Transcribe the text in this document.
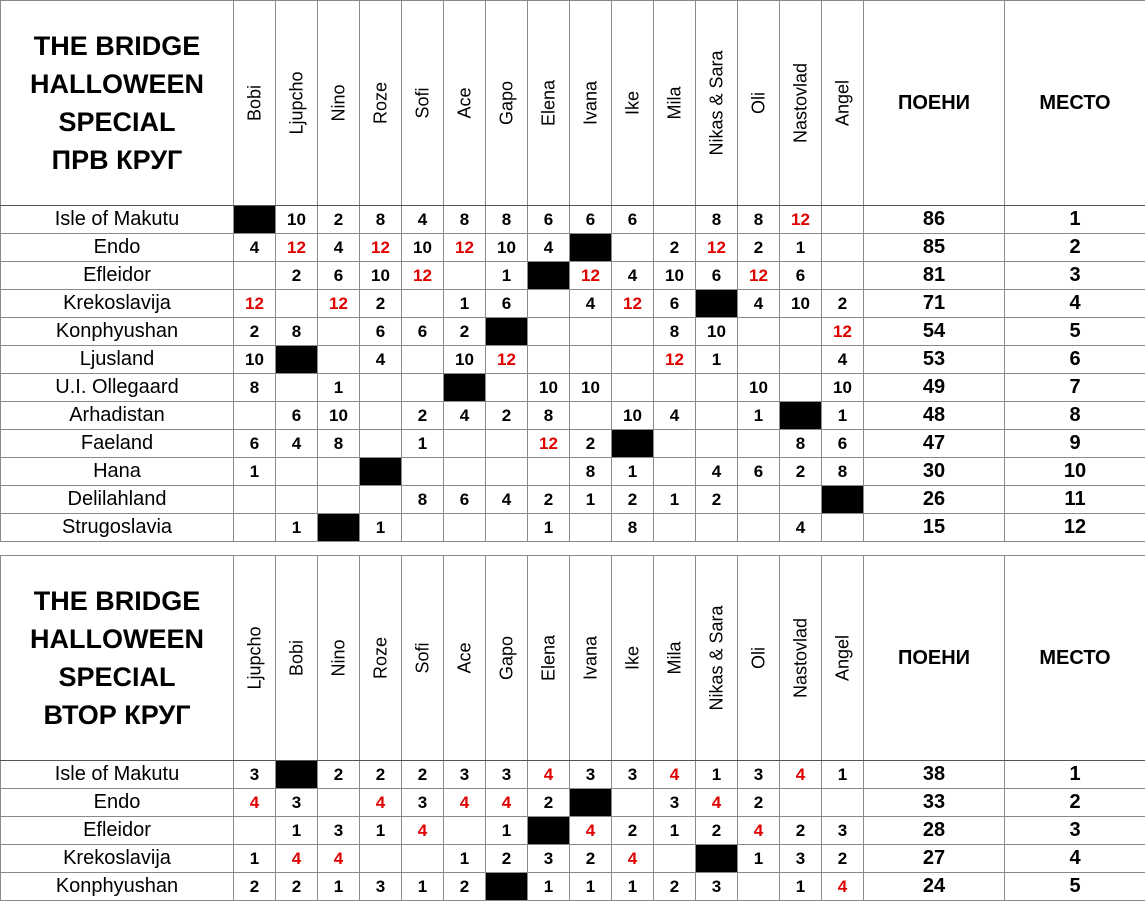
THE BRIDGE
HALLOWEEN
SPECIAL
ПРВ КРУГ	Bobi	Ljupcho	Nino	Roze	Sofi	Ace	Gapo	Elena	Ivana	Ike	Mila	Nikas & Sara	Oli	Nastovlad	Angel	ПОЕНИ	МЕСТО
Isle of Makutu		10	2	8	4	8	8	6	6	6		8	8	12		86	1
Endo	4	12	4	12	10	12	10	4			2	12	2	1		85	2
Efleidor		2	6	10	12		1		12	4	10	6	12	6		81	3
Krekoslavija	12		12	2		1	6		4	12	6		4	10	2	71	4
Konphyushan	2	8		6	6	2					8	10			12	54	5
Ljusland	10			4		10	12				12	1			4	53	6
U.I. Ollegaard	8		1					10	10				10		10	49	7
Arhadistan		6	10		2	4	2	8		10	4		1		1	48	8
Faeland	6	4	8		1			12	2					8	6	47	9
Hana	1								8	1		4	6	2	8	30	10
Delilahland					8	6	4	2	1	2	1	2				26	11
Strugoslavia		1		1				1		8				4		15	12
THE BRIDGE
HALLOWEEN
SPECIAL
ВТОР КРУГ	Ljupcho	Bobi	Nino	Roze	Sofi	Ace	Gapo	Elena	Ivana	Ike	Mila	Nikas & Sara	Oli	Nastovlad	Angel	ПОЕНИ	МЕСТО
Isle of Makutu	3		2	2	2	3	3	4	3	3	4	1	3	4	1	38	1
Endo	4	3		4	3	4	4	2			3	4	2			33	2
Efleidor		1	3	1	4		1		4	2	1	2	4	2	3	28	3
Krekoslavija	1	4	4			1	2	3	2	4			1	3	2	27	4
Konphyushan	2	2	1	3	1	2		1	1	1	2	3		1	4	24	5
